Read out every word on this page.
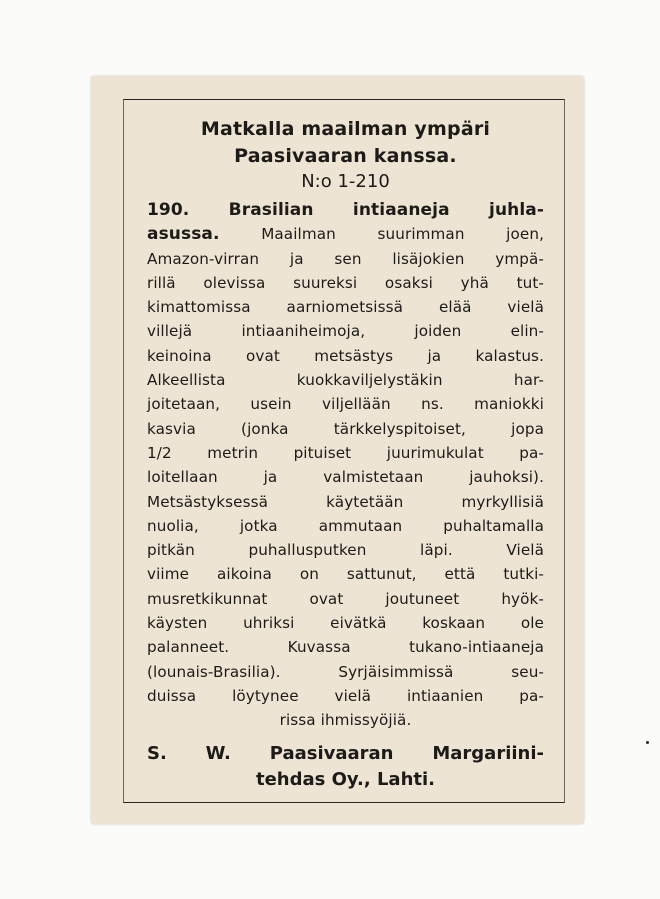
Matkalla maailman ympäri
Paasivaaran kanssa.
N:o 1-210
190. Brasilian intiaaneja juhla-
asussa. Maailman suurimman joen,
Amazon-virran ja sen lisäjokien ympä-
rillä olevissa suureksi osaksi yhä tut-
kimattomissa aarniometsissä elää vielä
villejä intiaaniheimoja, joiden elin-
keinoina ovat metsästys ja kalastus.
Alkeellista kuokkaviljelystäkin har-
joitetaan, usein viljellään ns. maniokki
kasvia (jonka tärkkelyspitoiset, jopa
1/2 metrin pituiset juurimukulat pa-
loitellaan ja valmistetaan jauhoksi).
Metsästyksessä käytetään myrkyllisiä
nuolia, jotka ammutaan puhaltamalla
pitkän puhallusputken läpi. Vielä
viime aikoina on sattunut, että tutki-
musretkikunnat ovat joutuneet hyök-
käysten uhriksi eivätkä koskaan ole
palanneet. Kuvassa tukano-intiaaneja
(lounais-Brasilia). Syrjäisimmissä seu-
duissa löytynee vielä intiaanien pa-
rissa ihmissyöjiä.
S. W. Paasivaaran Margariini-
tehdas Oy., Lahti.
